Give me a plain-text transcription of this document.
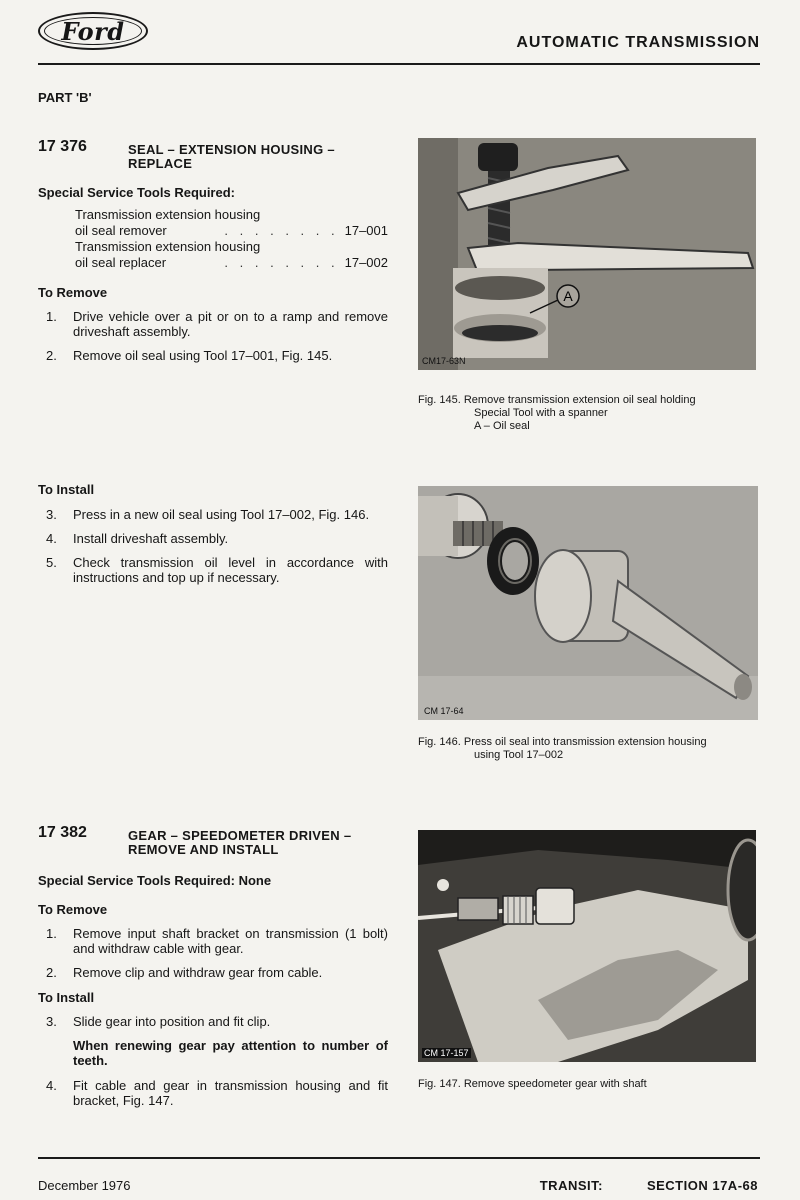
Ford	AUTOMATIC TRANSMISSION
PART 'B'
17 376	SEAL – EXTENSION HOUSING –
REPLACE
Special Service Tools Required:
Transmission extension housing
oil seal remover	. . . . . . . . 17–001
Transmission extension housing
oil seal replacer	. . . . . . . . 17–002
To Remove
1.	Drive vehicle over a pit or on to a ramp and remove driveshaft assembly.
2.	Remove oil seal using Tool 17–001, Fig. 145.
To Install
3.	Press in a new oil seal using Tool 17–002, Fig. 146.
4.	Install driveshaft assembly.
5.	Check transmission oil level in accordance with instructions and top up if necessary.
A
CM17-63N
Fig. 145. Remove transmission extension oil seal holding
Special Tool with a spanner
A – Oil seal
CM 17-64
Fig. 146. Press oil seal into transmission extension housing
using Tool 17–002
17 382	GEAR – SPEEDOMETER DRIVEN –
REMOVE AND INSTALL
Special Service Tools Required: None
To Remove
1.	Remove input shaft bracket on transmission (1 bolt) and withdraw cable with gear.
2.	Remove clip and withdraw gear from cable.
To Install
3.	Slide gear into position and fit clip.
When renewing gear pay attention to number of teeth.
4.	Fit cable and gear in transmission housing and fit bracket, Fig. 147.
CM 17-157
Fig. 147. Remove speedometer gear with shaft
December 1976	TRANSIT:	SECTION 17A-68
